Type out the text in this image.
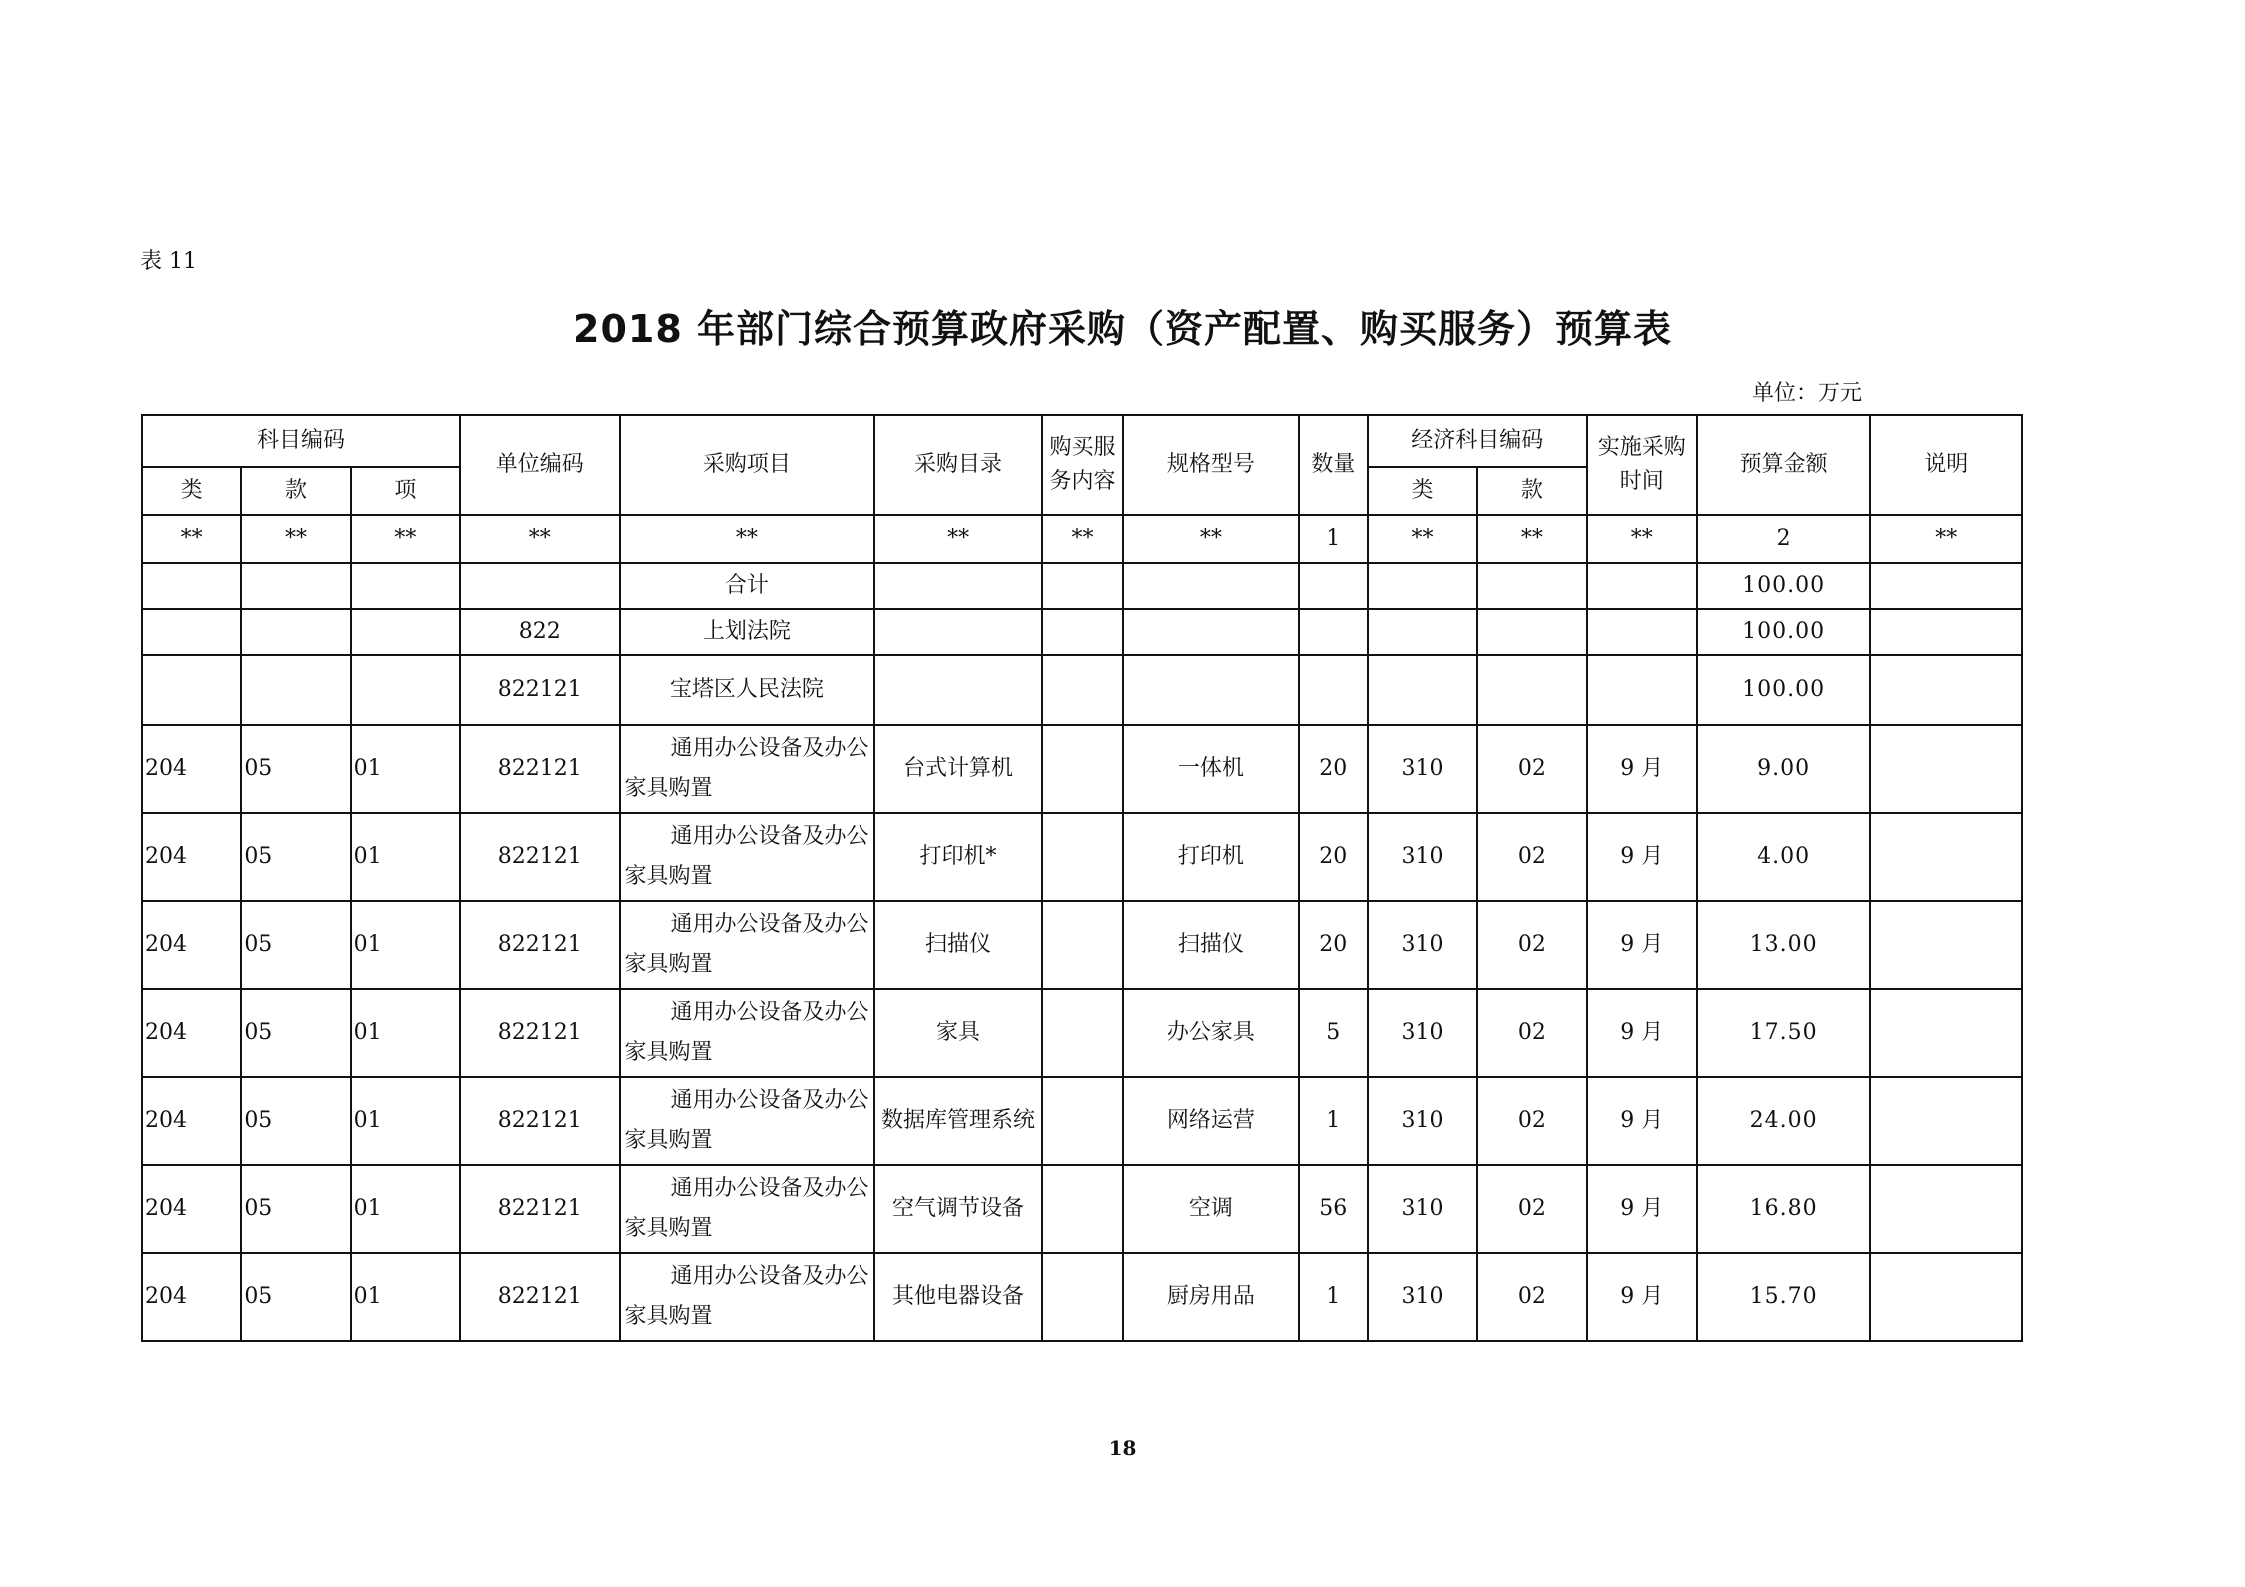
表 11
2018 年部门综合预算政府采购（资产配置、购买服务）预算表
单位：万元
科目编码			单位编码	采购项目	采购目录	购买服务内容	规格型号	数量	经济科目编码		实施采购时间	预算金额	说明
类	款	项							类	款			
**	**	**	**	**	**	**	**	1	**	**	**	2	**
				合计								100.00	
			822	上划法院								100.00	
			822121	宝塔区人民法院								100.00	
204	05	01	822121	通用办公设备及办公家具购置	台式计算机		一体机	20	310	02	9 月	9.00	
204	05	01	822121	通用办公设备及办公家具购置	打印机*		打印机	20	310	02	9 月	4.00	
204	05	01	822121	通用办公设备及办公家具购置	扫描仪		扫描仪	20	310	02	9 月	13.00	
204	05	01	822121	通用办公设备及办公家具购置	家具		办公家具	5	310	02	9 月	17.50	
204	05	01	822121	通用办公设备及办公家具购置	数据库管理系统		网络运营	1	310	02	9 月	24.00	
204	05	01	822121	通用办公设备及办公家具购置	空气调节设备		空调	56	310	02	9 月	16.80	
204	05	01	822121	通用办公设备及办公家具购置	其他电器设备		厨房用品	1	310	02	9 月	15.70	
18
